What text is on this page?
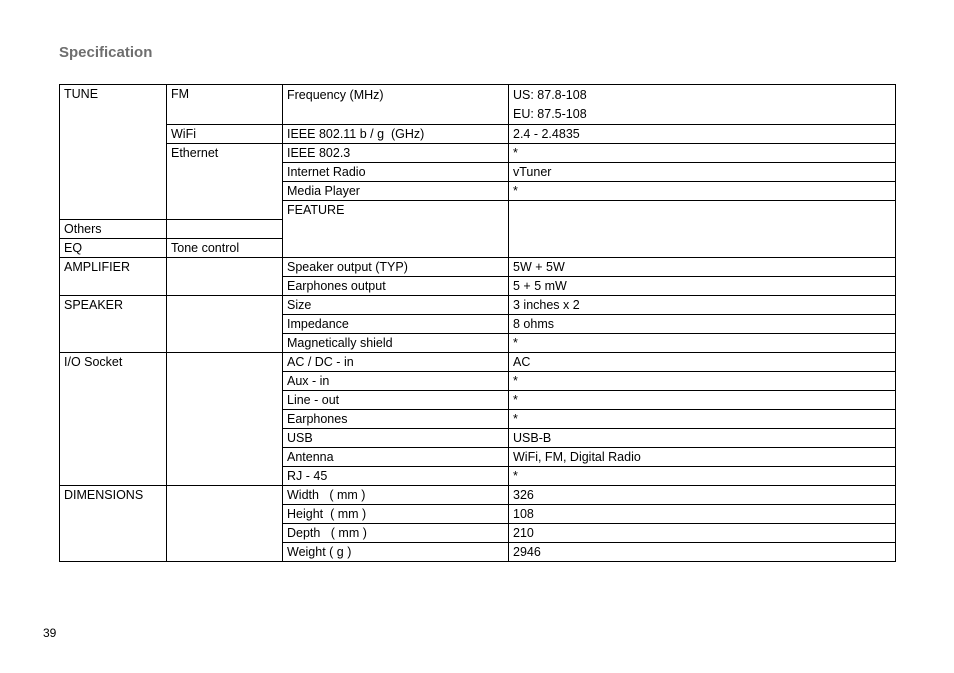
Specification
TUNE	FM	Frequency (MHz)	US: 87.8-108
EU: 87.5-108	
	WiFi	IEEE 802.11 b / g  (GHz)	2.4 - 2.4835	
	Ethernet	IEEE 802.3	*	
		Internet Radio	vTuner	
		Media Player	*	
		FEATURE			
Others				
EQ	Tone control			
AMPLIFIER		Speaker output (TYP)	5W + 5W	
		Earphones output	5 + 5 mW	
SPEAKER		Size	3 inches x 2	
		Impedance	8 ohms	
		Magnetically shield	*	
I/O Socket		AC / DC - in	AC	
		Aux - in	*	
		Line - out	*	
		Earphones	*	
		USB	USB-B	
		Antenna	WiFi, FM, Digital Radio	
		RJ - 45	*	
DIMENSIONS		Width   ( mm )	326	
		Height  ( mm )	108	
		Depth   ( mm )	210	
		Weight ( g )	2946	
39
